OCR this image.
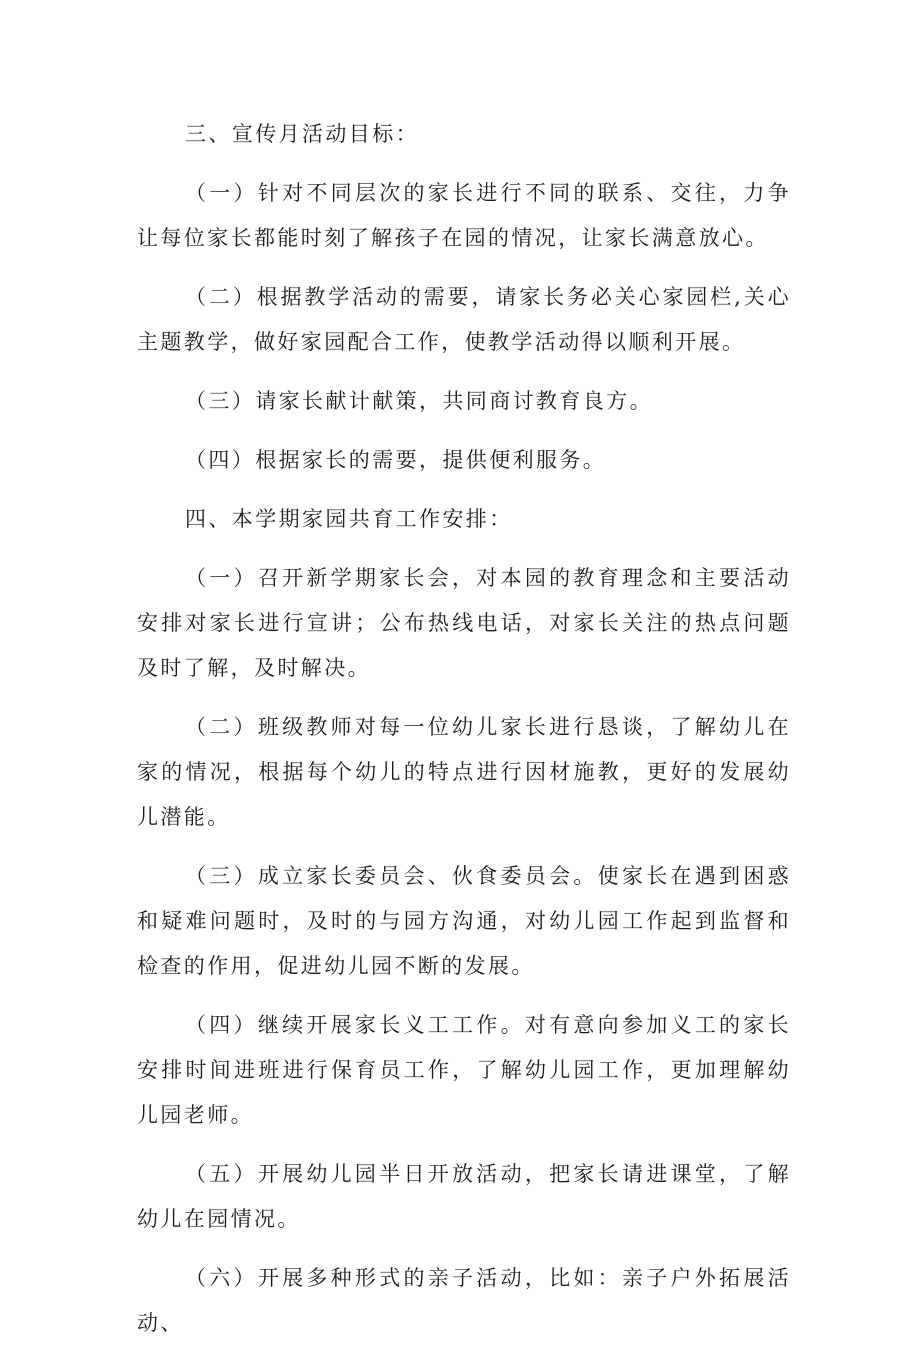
三、宣传月活动目标：

（一）针对不同层次的家长进行不同的联系、交往，力争让每位家长都能时刻了解孩子在园的情况，让家长满意放心。

（二）根据教学活动的需要，请家长务必关心家园栏,关心主题教学，做好家园配合工作，使教学活动得以顺利开展。

（三）请家长献计献策，共同商讨教育良方。

（四）根据家长的需要，提供便利服务。

四、本学期家园共育工作安排：

（一）召开新学期家长会，对本园的教育理念和主要活动安排对家长进行宣讲；公布热线电话，对家长关注的热点问题及时了解，及时解决。

（二）班级教师对每一位幼儿家长进行恳谈，了解幼儿在家的情况，根据每个幼儿的特点进行因材施教，更好的发展幼儿潜能。

（三）成立家长委员会、伙食委员会。使家长在遇到困惑和疑难问题时，及时的与园方沟通，对幼儿园工作起到监督和检查的作用，促进幼儿园不断的发展。

（四）继续开展家长义工工作。对有意向参加义工的家长安排时间进班进行保育员工作，了解幼儿园工作，更加理解幼儿园老师。

（五）开展幼儿园半日开放活动，把家长请进课堂，了解幼儿在园情况。

（六）开展多种形式的亲子活动，比如：亲子户外拓展活动、
